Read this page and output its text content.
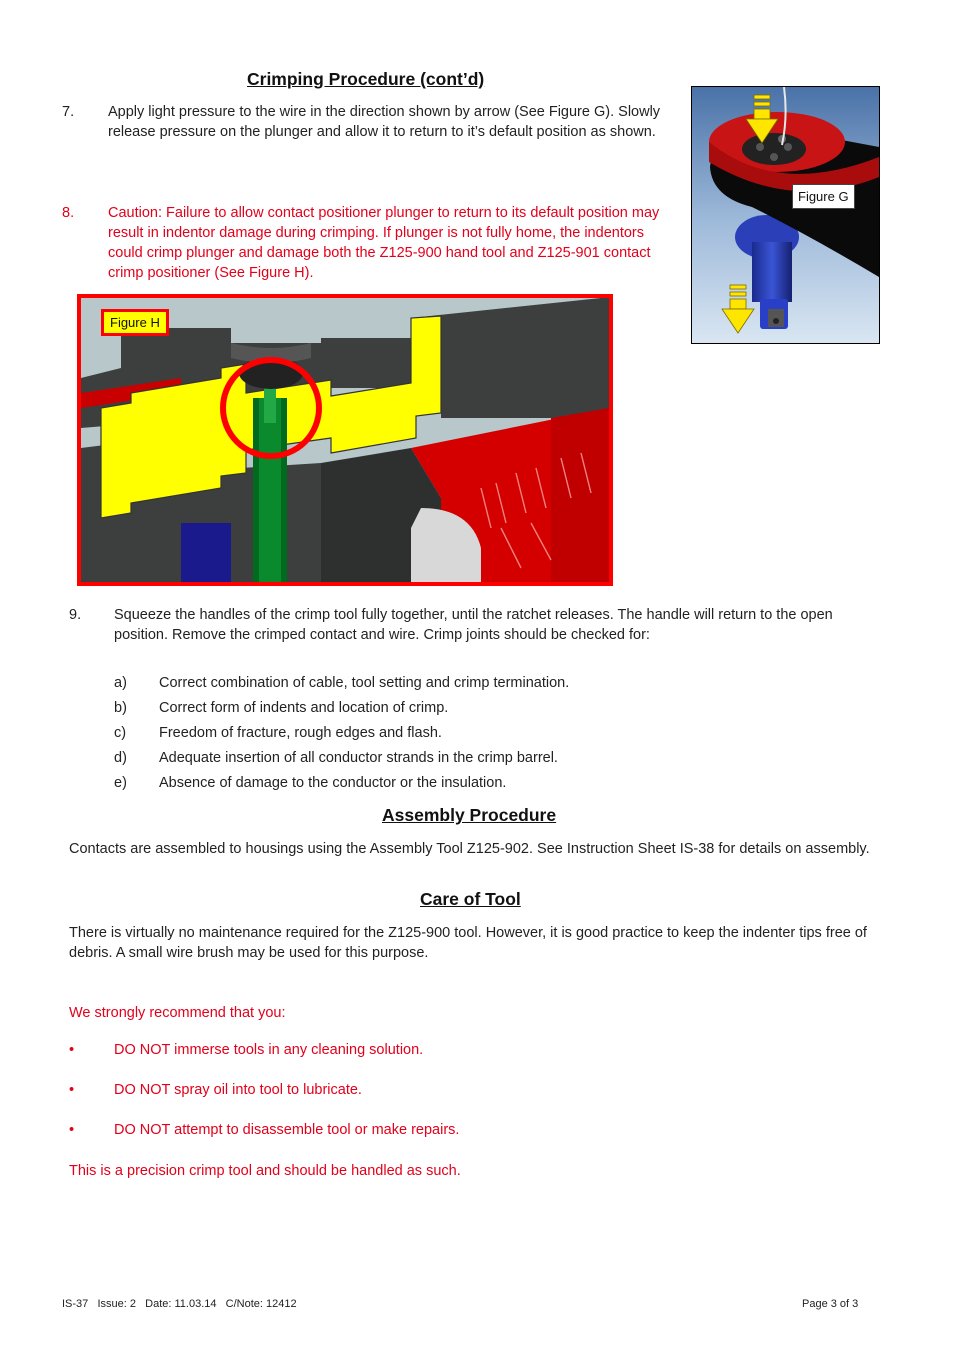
Crimping Procedure (cont’d)
7. Apply light pressure to the wire in the direction shown by arrow (See Figure G). Slowly release pressure on the plunger and allow it to return to it’s default position as shown.
8. Caution: Failure to allow contact positioner plunger to return to its default position may result in indentor damage during crimping. If plunger is not fully home, the indentors could crimp plunger and damage both the Z125-900 hand tool and Z125-901 contact crimp positioner (See Figure H).
Figure G
Figure H
9. Squeeze the handles of the crimp tool fully together, until the ratchet releases. The handle will return to the open position. Remove the crimped contact and wire. Crimp joints should be checked for:
a) Correct combination of cable, tool setting and crimp termination.
b) Correct form of indents and location of crimp.
c) Freedom of fracture, rough edges and flash.
d) Adequate insertion of all conductor strands in the crimp barrel.
e) Absence of damage to the conductor or the insulation.
Assembly Procedure
Contacts are assembled to housings using the Assembly Tool Z125-902. See Instruction Sheet IS-38 for details on assembly.
Care of Tool
There is virtually no maintenance required for the Z125-900 tool. However, it is good practice to keep the indenter tips free of debris. A small wire brush may be used for this purpose.
We strongly recommend that you:
•	DO NOT immerse tools in any cleaning solution.
•	DO NOT spray oil into tool to lubricate.
•	DO NOT attempt to disassemble tool or make repairs.
This is a precision crimp tool and should be handled as such.
IS-37   Issue: 2   Date: 11.03.14   C/Note: 12412	Page 3 of 3
